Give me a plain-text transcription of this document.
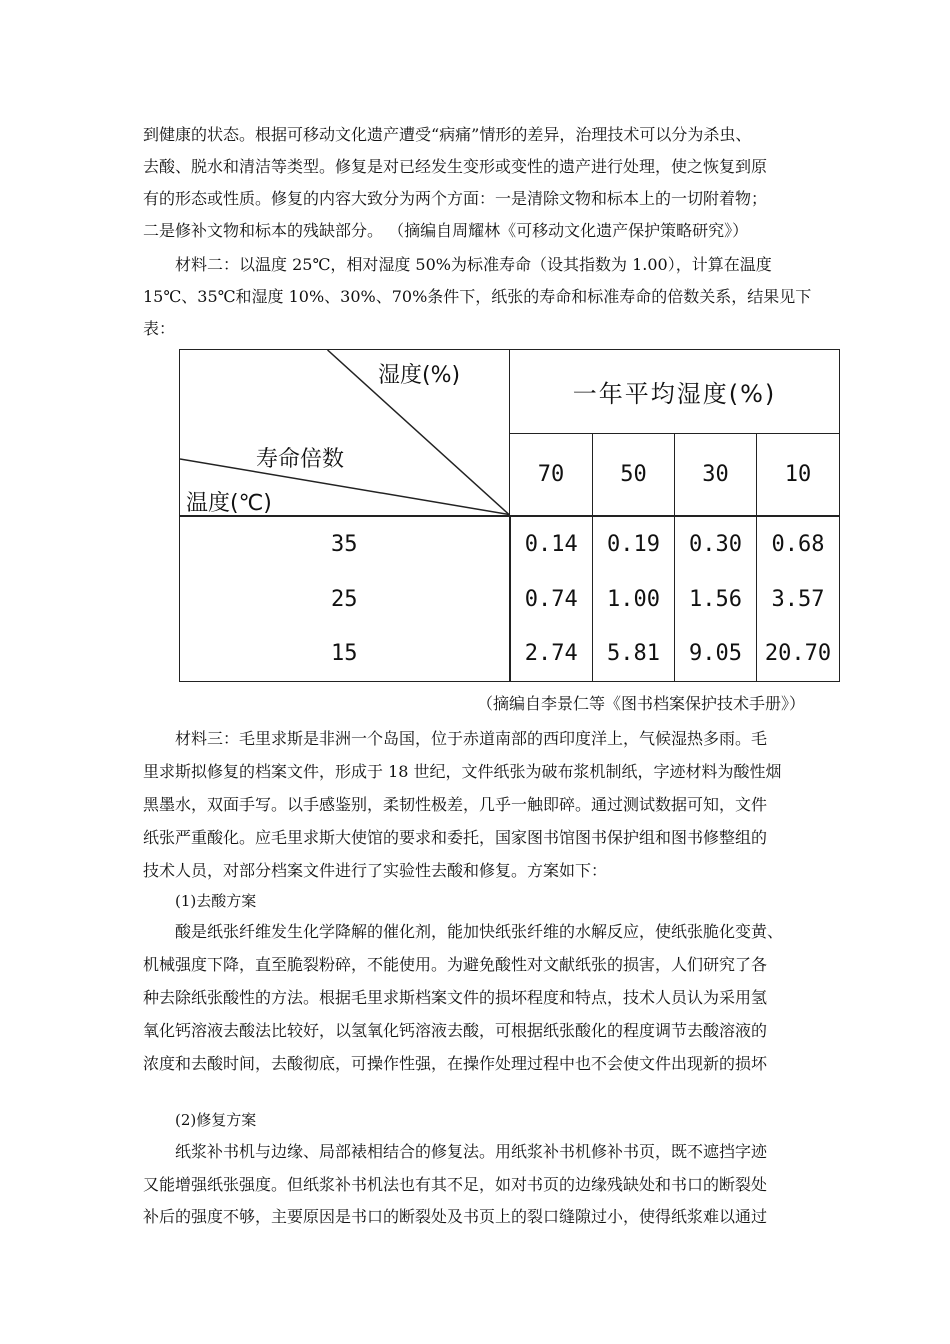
到健康的状态。根据可移动文化遗产遭受“病痛”情形的差异，治理技术可以分为杀虫、
去酸、脱水和清洁等类型。修复是对已经发生变形或变性的遗产进行处理，使之恢复到原
有的形态或性质。修复的内容大致分为两个方面：一是清除文物和标本上的一切附着物；
二是修补文物和标本的残缺部分。 （摘编自周耀林《可移动文化遗产保护策略研究》）
材料二：以温度 25℃，相对湿度 50%为标准寿命（设其指数为 1.00），计算在温度
15℃、35℃和湿度 10%、30%、70%条件下，纸张的寿命和标准寿命的倍数关系，结果见下
表：
湿度(%)
寿命倍数
温度(℃)	一年平均湿度(%)			
	70	50	30	10
35	0.14	0.19	0.30	0.68
25	0.74	1.00	1.56	3.57
15	2.74	5.81	9.05	20.70
（摘编自李景仁等《图书档案保护技术手册》）
材料三：毛里求斯是非洲一个岛国，位于赤道南部的西印度洋上，气候湿热多雨。毛
里求斯拟修复的档案文件，形成于 18 世纪，文件纸张为破布浆机制纸，字迹材料为酸性烟
黑墨水，双面手写。以手感鉴别，柔韧性极差，几乎一触即碎。通过测试数据可知，文件
纸张严重酸化。应毛里求斯大使馆的要求和委托，国家图书馆图书保护组和图书修整组的
技术人员，对部分档案文件进行了实验性去酸和修复。方案如下：
(1)去酸方案
酸是纸张纤维发生化学降解的催化剂，能加快纸张纤维的水解反应，使纸张脆化变黄、
机械强度下降，直至脆裂粉碎，不能使用。为避免酸性对文献纸张的损害，人们研究了各
种去除纸张酸性的方法。根据毛里求斯档案文件的损坏程度和特点，技术人员认为采用氢
氧化钙溶液去酸法比较好，以氢氧化钙溶液去酸，可根据纸张酸化的程度调节去酸溶液的
浓度和去酸时间，去酸彻底，可操作性强，在操作处理过程中也不会使文件出现新的损坏
(2)修复方案
纸浆补书机与边缘、局部裱相结合的修复法。用纸浆补书机修补书页，既不遮挡字迹
又能增强纸张强度。但纸浆补书机法也有其不足，如对书页的边缘残缺处和书口的断裂处
补后的强度不够，主要原因是书口的断裂处及书页上的裂口缝隙过小，使得纸浆难以通过
